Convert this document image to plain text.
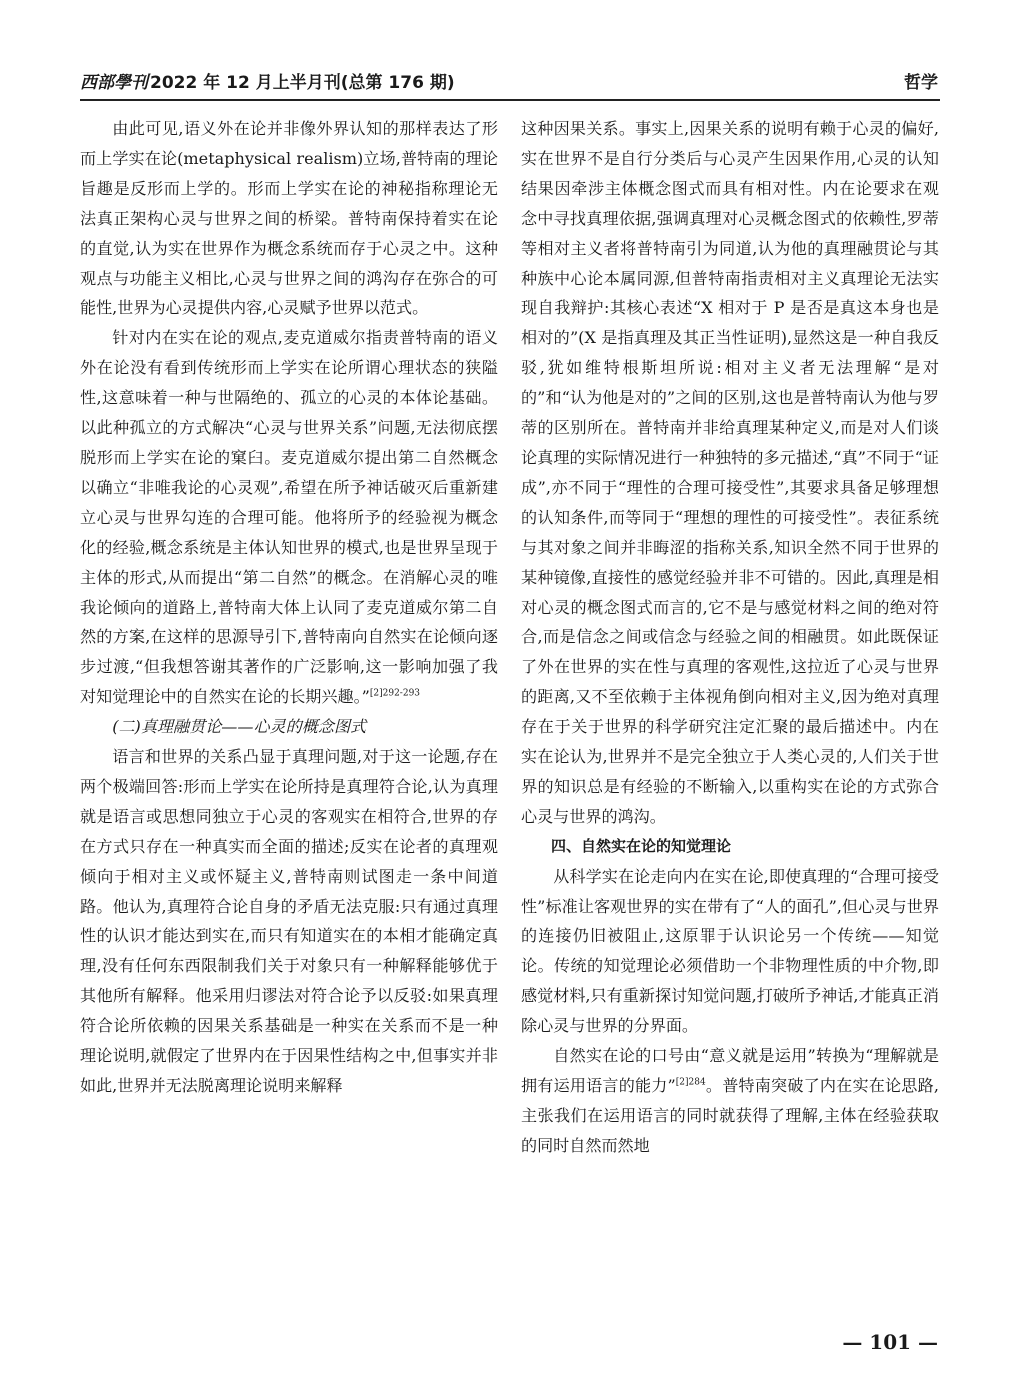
西部學刊 2022 年 12 月上半月刊(总第 176 期)	哲学

由此可见,语义外在论并非像外界认知的那样表达了形而上学实在论(metaphysical realism)立场,普特南的理论旨趣是反形而上学的。形而上学实在论的神秘指称理论无法真正架构心灵与世界之间的桥梁。普特南保持着实在论的直觉,认为实在世界作为概念系统而存于心灵之中。这种观点与功能主义相比,心灵与世界之间的鸿沟存在弥合的可能性,世界为心灵提供内容,心灵赋予世界以范式。

针对内在实在论的观点,麦克道威尔指责普特南的语义外在论没有看到传统形而上学实在论所谓心理状态的狭隘性,这意味着一种与世隔绝的、孤立的心灵的本体论基础。以此种孤立的方式解决“心灵与世界关系”问题,无法彻底摆脱形而上学实在论的窠臼。麦克道威尔提出第二自然概念以确立“非唯我论的心灵观”,希望在所予神话破灭后重新建立心灵与世界勾连的合理可能。他将所予的经验视为概念化的经验,概念系统是主体认知世界的模式,也是世界呈现于主体的形式,从而提出“第二自然”的概念。在消解心灵的唯我论倾向的道路上,普特南大体上认同了麦克道威尔第二自然的方案,在这样的思源导引下,普特南向自然实在论倾向逐步过渡,“但我想答谢其著作的广泛影响,这一影响加强了我对知觉理论中的自然实在论的长期兴趣。”$^{[2]292-293}$

(二)真理融贯论——心灵的概念图式

语言和世界的关系凸显于真理问题,对于这一论题,存在两个极端回答:形而上学实在论所持是真理符合论,认为真理就是语言或思想同独立于心灵的客观实在相符合,世界的存在方式只存在一种真实而全面的描述;反实在论者的真理观倾向于相对主义或怀疑主义,普特南则试图走一条中间道路。他认为,真理符合论自身的矛盾无法克服:只有通过真理性的认识才能达到实在,而只有知道实在的本相才能确定真理,没有任何东西限制我们关于对象只有一种解释能够优于其他所有解释。他采用归谬法对符合论予以反驳:如果真理符合论所依赖的因果关系基础是一种实在关系而不是一种理论说明,就假定了世界内在于因果性结构之中,但事实并非如此,世界并无法脱离理论说明来解释

这种因果关系。事实上,因果关系的说明有赖于心灵的偏好,实在世界不是自行分类后与心灵产生因果作用,心灵的认知结果因牵涉主体概念图式而具有相对性。内在论要求在观念中寻找真理依据,强调真理对心灵概念图式的依赖性,罗蒂等相对主义者将普特南引为同道,认为他的真理融贯论与其种族中心论本属同源,但普特南指责相对主义真理论无法实现自我辩护:其核心表述“X 相对于 P 是否是真这本身也是相对的”(X 是指真理及其正当性证明),显然这是一种自我反驳,犹如维特根斯坦所说:相对主义者无法理解“是对的”和“认为他是对的”之间的区别,这也是普特南认为他与罗蒂的区别所在。普特南并非给真理某种定义,而是对人们谈论真理的实际情况进行一种独特的多元描述,“真”不同于“证成”,亦不同于“理性的合理可接受性”,其要求具备足够理想的认知条件,而等同于“理想的理性的可接受性”。表征系统与其对象之间并非晦涩的指称关系,知识全然不同于世界的某种镜像,直接性的感觉经验并非不可错的。因此,真理是相对心灵的概念图式而言的,它不是与感觉材料之间的绝对符合,而是信念之间或信念与经验之间的相融贯。如此既保证了外在世界的实在性与真理的客观性,这拉近了心灵与世界的距离,又不至依赖于主体视角倒向相对主义,因为绝对真理存在于关于世界的科学研究注定汇聚的最后描述中。内在实在论认为,世界并不是完全独立于人类心灵的,人们关于世界的知识总是有经验的不断输入,以重构实在论的方式弥合心灵与世界的鸿沟。

四、自然实在论的知觉理论

从科学实在论走向内在实在论,即使真理的“合理可接受性”标准让客观世界的实在带有了“人的面孔”,但心灵与世界的连接仍旧被阻止,这原罪于认识论另一个传统——知觉论。传统的知觉理论必须借助一个非物理性质的中介物,即感觉材料,只有重新探讨知觉问题,打破所予神话,才能真正消除心灵与世界的分界面。

自然实在论的口号由“意义就是运用”转换为“理解就是拥有运用语言的能力”$^{[2]284}$。普特南突破了内在实在论思路,主张我们在运用语言的同时就获得了理解,主体在经验获取的同时自然而然地

— 101 —
